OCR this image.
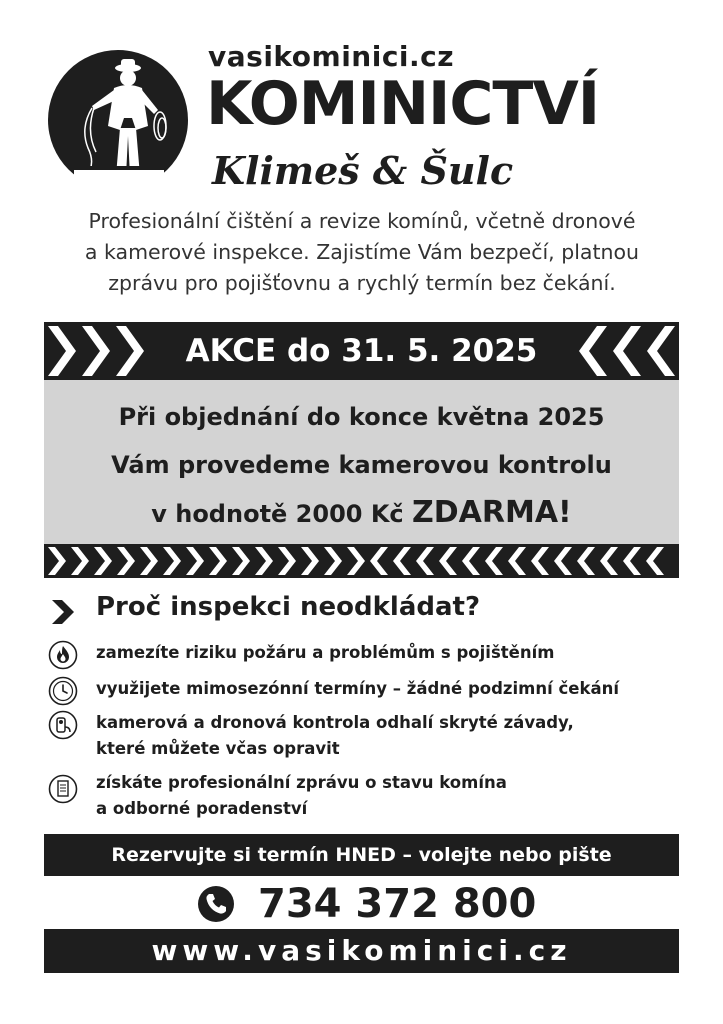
vasikominici.cz
KOMINICTVÍ
Klimeš & Šulc
Profesionální čištění a revize komínů, včetně dronové
a kamerové inspekce. Zajistíme Vám bezpečí, platnou
zprávu pro pojišťovnu a rychlý termín bez čekání.
AKCE do 31. 5. 2025
Při objednání do konce května 2025
Vám provedeme kamerovou kontrolu
v hodnotě 2000 Kč ZDARMA!
Proč inspekci neodkládat?
zamezíte riziku požáru a problémům s pojištěním
využijete mimosezónní termíny – žádné podzimní čekání
kamerová a dronová kontrola odhalí skryté závady,
které můžete včas opravit
získáte profesionální zprávu o stavu komína
a odborné poradenství
Rezervujte si termín HNED – volejte nebo pište
734 372 800
www.vasikominici.cz
